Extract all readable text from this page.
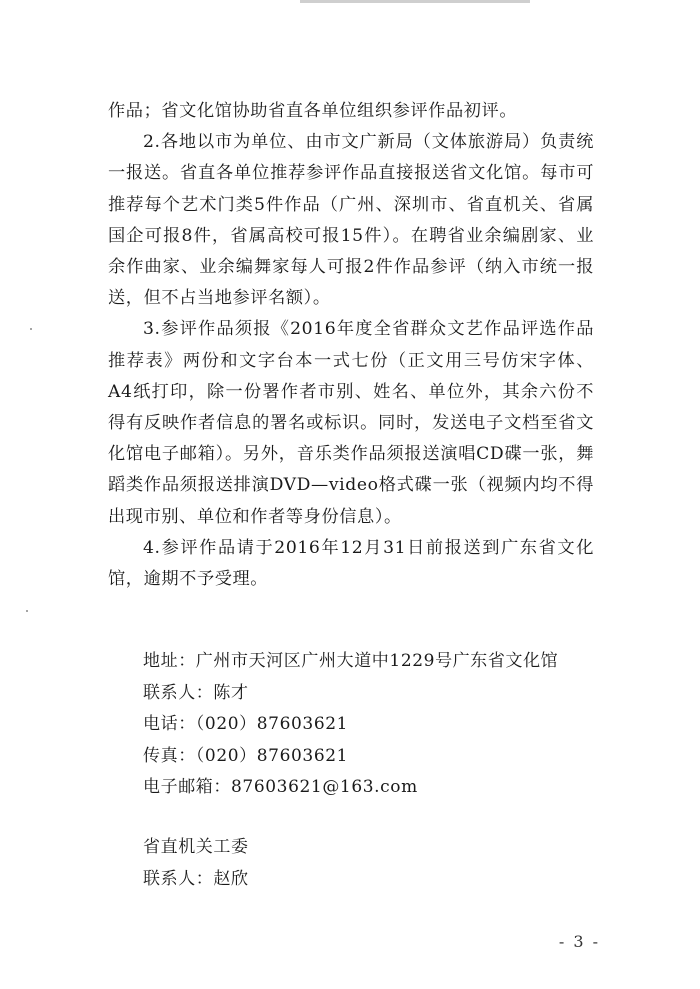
作品；省文化馆协助省直各单位组织参评作品初评。

2.各地以市为单位、由市文广新局（文体旅游局）负责统一报送。省直各单位推荐参评作品直接报送省文化馆。每市可推荐每个艺术门类5件作品（广州、深圳市、省直机关、省属国企可报8件，省属高校可报15件）。在聘省业余编剧家、业余作曲家、业余编舞家每人可报2件作品参评（纳入市统一报送，但不占当地参评名额）。

3.参评作品须报《2016年度全省群众文艺作品评选作品推荐表》两份和文字台本一式七份（正文用三号仿宋字体、A4纸打印，除一份署作者市别、姓名、单位外，其余六份不得有反映作者信息的署名或标识。同时，发送电子文档至省文化馆电子邮箱）。另外，音乐类作品须报送演唱CD碟一张，舞蹈类作品须报送排演DVD—video格式碟一张（视频内均不得出现市别、单位和作者等身份信息）。

4.参评作品请于2016年12月31日前报送到广东省文化馆，逾期不予受理。

地址：广州市天河区广州大道中1229号广东省文化馆
联系人：陈才
电话：（020）87603621
传真：（020）87603621
电子邮箱：87603621@163.com
省直机关工委
联系人：赵欣
- 3 -
